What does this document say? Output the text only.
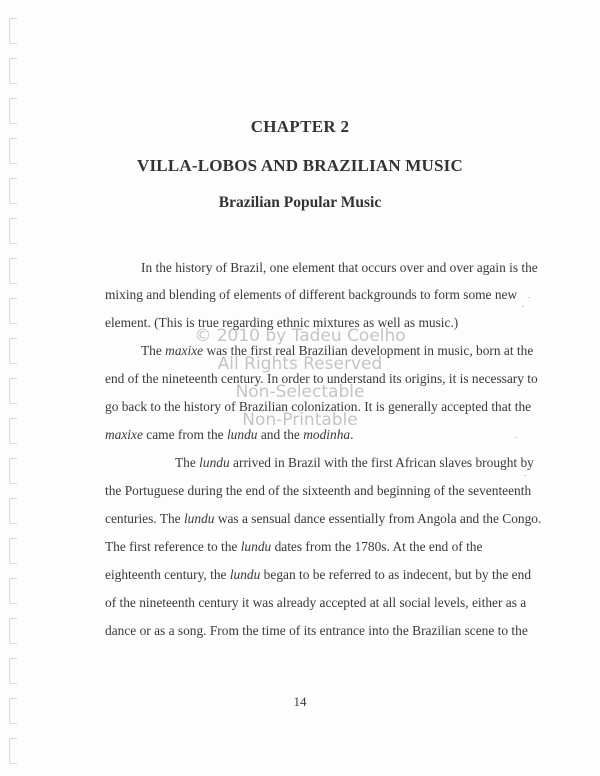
CHAPTER 2
VILLA-LOBOS AND BRAZILIAN MUSIC
Brazilian Popular Music
In the history of Brazil, one element that occurs over and over again is the
mixing and blending of elements of different backgrounds to form some new
element. (This is true regarding ethnic mixtures as well as music.)
The maxixe was the first real Brazilian development in music, born at the
end of the nineteenth century. In order to understand its origins, it is necessary to
go back to the history of Brazilian colonization. It is generally accepted that the
maxixe came from the lundu and the modinha.
The lundu arrived in Brazil with the first African slaves brought by
the Portuguese during the end of the sixteenth and beginning of the seventeenth
centuries. The lundu was a sensual dance essentially from Angola and the Congo.
The first reference to the lundu dates from the 1780s. At the end of the
eighteenth century, the lundu began to be referred to as indecent, but by the end
of the nineteenth century it was already accepted at all social levels, either as a
dance or as a song. From the time of its entrance into the Brazilian scene to the
© 2010 by Tadeu Coelho
All Rights Reserved
Non-Selectable
Non-Printable
14
